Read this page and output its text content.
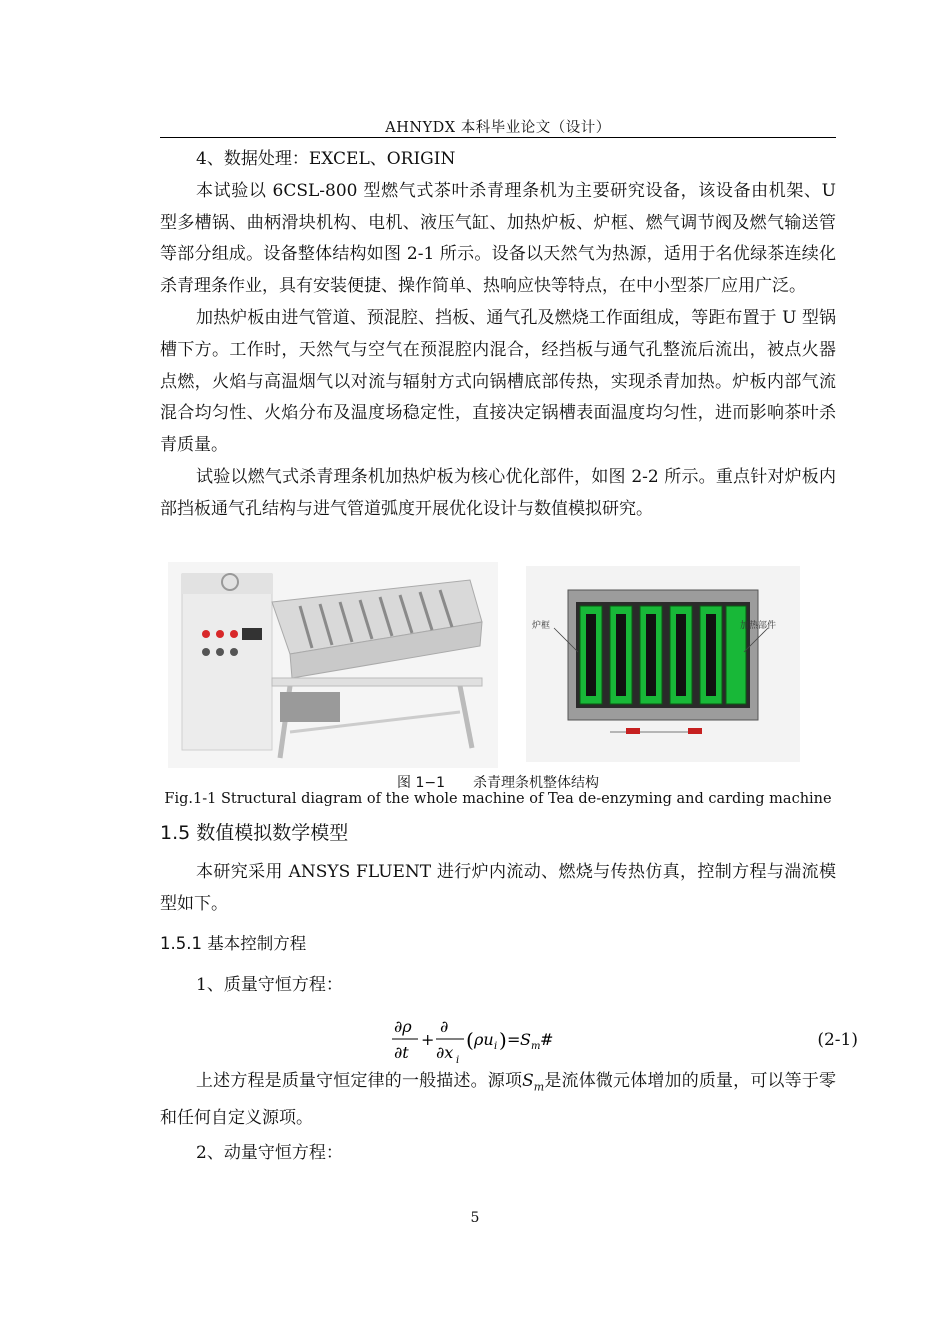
AHNYDX 本科毕业论文（设计）

4、数据处理：EXCEL、ORIGIN

本试验以 6CSL-800 型燃气式茶叶杀青理条机为主要研究设备，该设备由机架、U 型多槽锅、曲柄滑块机构、电机、液压气缸、加热炉板、炉框、燃气调节阀及燃气输送管等部分组成。设备整体结构如图 2-1 所示。设备以天然气为热源，适用于名优绿茶连续化杀青理条作业，具有安装便捷、操作简单、热响应快等特点，在中小型茶厂应用广泛。

加热炉板由进气管道、预混腔、挡板、通气孔及燃烧工作面组成，等距布置于 U 型锅槽下方。工作时，天然气与空气在预混腔内混合，经挡板与通气孔整流后流出，被点火器点燃，火焰与高温烟气以对流与辐射方式向锅槽底部传热，实现杀青加热。炉板内部气流混合均匀性、火焰分布及温度场稳定性，直接决定锅槽表面温度均匀性，进而影响茶叶杀青质量。

试验以燃气式杀青理条机加热炉板为核心优化部件，如图 2-2 所示。重点针对炉板内部挡板通气孔结构与进气管道弧度开展优化设计与数值模拟研究。

炉框	加热部件
图 1−1　　杀青理条机整体结构
Fig.1-1 Structural diagram of the whole machine of Tea de-enzyming and carding machine
1.5 数值模拟数学模型

本研究采用 ANSYS FLUENT 进行炉内流动、燃烧与传热仿真，控制方程与湍流模型如下。

1.5.1 基本控制方程
1、质量守恒方程：
∂ρ
∂t
+
∂
∂x i
( ρu i ) = S m #	(2-1)

上述方程是质量守恒定律的一般描述。源项$S_m$是流体微元体增加的质量，可以等于零和任何自定义源项。

2、动量守恒方程：
5
